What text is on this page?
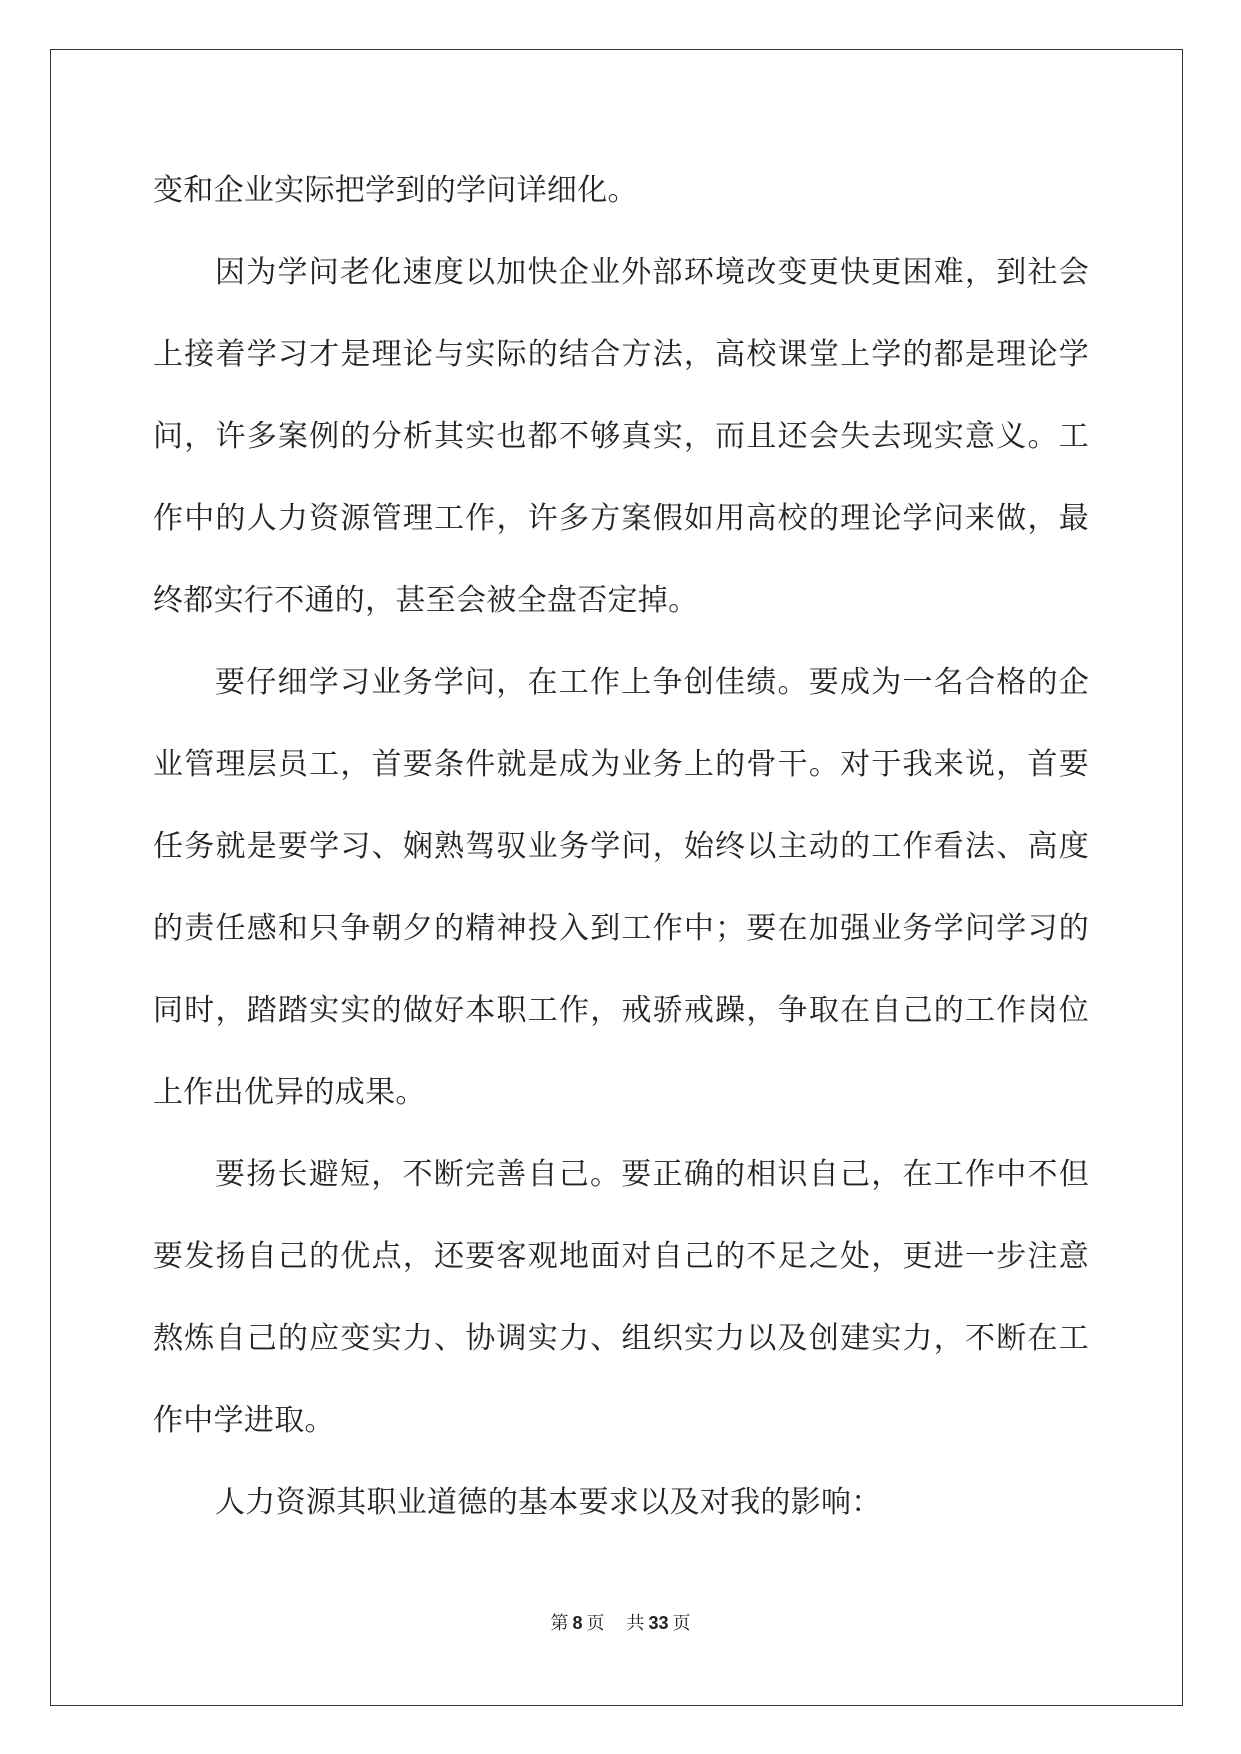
变和企业实际把学到的学问详细化。

因为学问老化速度以加快企业外部环境改变更快更困难，到社会
上接着学习才是理论与实际的结合方法，高校课堂上学的都是理论学
问，许多案例的分析其实也都不够真实，而且还会失去现实意义。工
作中的人力资源管理工作，许多方案假如用高校的理论学问来做，最
终都实行不通的，甚至会被全盘否定掉。

要仔细学习业务学问，在工作上争创佳绩。要成为一名合格的企
业管理层员工，首要条件就是成为业务上的骨干。对于我来说，首要
任务就是要学习、娴熟驾驭业务学问，始终以主动的工作看法、高度
的责任感和只争朝夕的精神投入到工作中；要在加强业务学问学习的
同时，踏踏实实的做好本职工作，戒骄戒躁，争取在自己的工作岗位
上作出优异的成果。

要扬长避短，不断完善自己。要正确的相识自己，在工作中不但
要发扬自己的优点，还要客观地面对自己的不足之处，更进一步注意
熬炼自己的应变实力、协调实力、组织实力以及创建实力，不断在工
作中学进取。

人力资源其职业道德的基本要求以及对我的影响：

第 8 页 共 33 页
